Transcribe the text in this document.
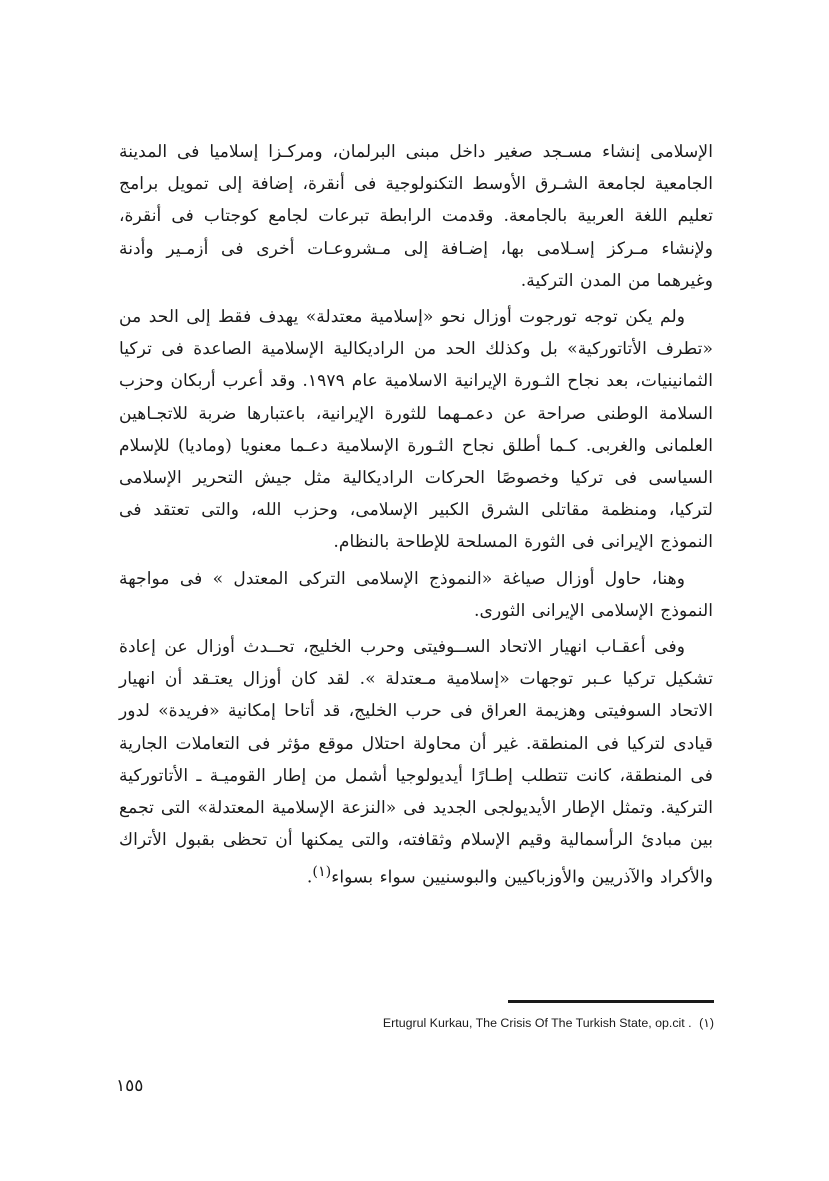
الإسلامى إنشاء مسـجد صغير داخل مبنى البرلمان، ومركـزا إسلاميا فى المدينة الجامعية لجامعة الشـرق الأوسط التكنولوجية فى أنقرة، إضافة إلى تمويل برامج تعليم اللغة العربية بالجامعة. وقدمت الرابطة تبرعات لجامع كوجتاب فى أنقرة، ولإنشاء مـركز إسـلامى بها، إضـافة إلى مـشروعـات أخرى فى أزمـير وأدنة وغيرهما من المدن التركية.

ولم يكن توجه تورجوت أوزال نحو «إسلامية معتدلة» يهدف فقط إلى الحد من «تطرف الأتاتوركية» بل وكذلك الحد من الراديكالية الإسلامية الصاعدة فى تركيا الثمانينيات، بعد نجاح الثـورة الإيرانية الاسلامية عام ١٩٧٩. وقد أعرب أربكان وحزب السلامة الوطنى صراحة عن دعمـهما للثورة الإيرانية، باعتبارها ضربة للاتجـاهين العلمانى والغربى. كـما أطلق نجاح الثـورة الإسلامية دعـما معنويا (وماديا) للإسلام السياسى فى تركيا وخصوصًا الحركات الراديكالية مثل جيش التحرير الإسلامى لتركيا، ومنظمة مقاتلى الشرق الكبير الإسلامى، وحزب الله، والتى تعتقد فى النموذج الإيرانى فى الثورة المسلحة للإطاحة بالنظام.

وهنا، حاول أوزال صياغة «النموذج الإسلامى التركى المعتدل » فى مواجهة النموذج الإسلامى الإيرانى الثورى.

وفى أعقـاب انهيار الاتحاد الســوفيتى وحرب الخليج، تحــدث أوزال عن إعادة تشكيل تركيا عـبر توجهات «إسلامية مـعتدلة ». لقد كان أوزال يعتـقد أن انهيار الاتحاد السوفيتى وهزيمة العراق فى حرب الخليج، قد أتاحا إمكانية «فريدة» لدور قيادى لتركيا فى المنطقة. غير أن محاولة احتلال موقع مؤثر فى التعاملات الجارية فى المنطقة، كانت تتطلب إطـارًا أيديولوجيا أشمل من إطار القوميـة ـ الأتاتوركية التركية. وتمثل الإطار الأيديولجى الجديد فى «النزعة الإسلامية المعتدلة» التى تجمع بين مبادئ الرأسمالية وقيم الإسلام وثقافته، والتى يمكنها أن تحظى بقبول الأتراك والأكراد والآذريين والأوزباكيين والبوسنيين سواء بسواء$^{(١)}$.

Ertugrul Kurkau, The Crisis Of The Turkish State, op.cit . (١)
١٥٥
